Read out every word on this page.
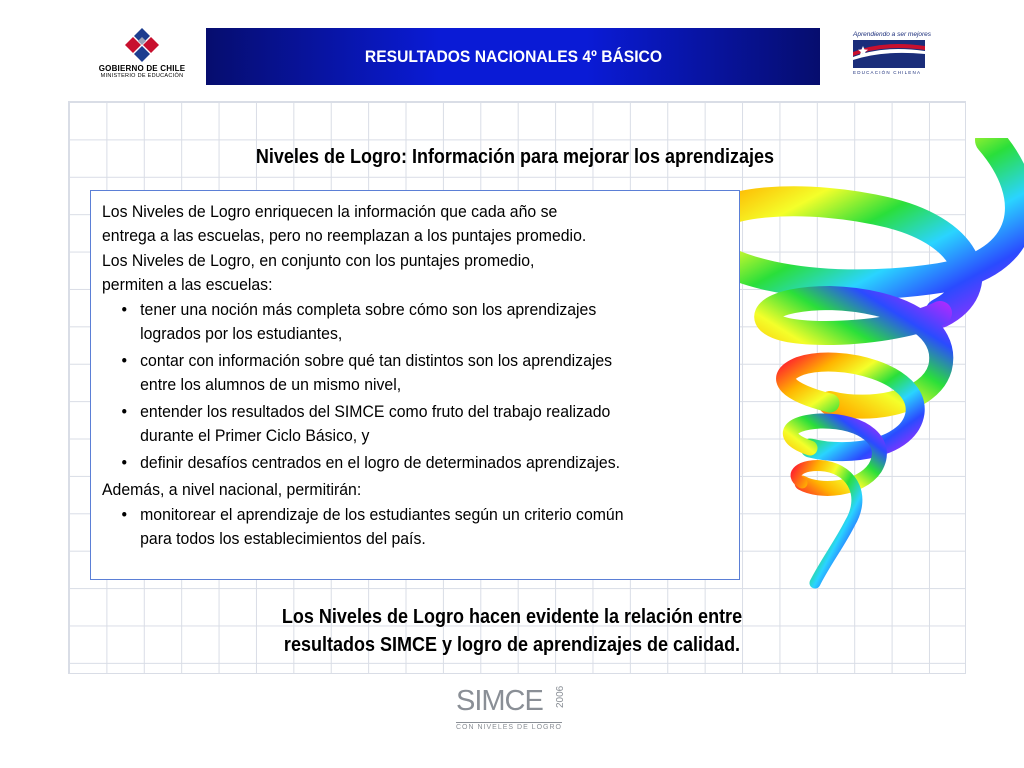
GOBIERNO DE CHILE
MINISTERIO DE EDUCACIÓN
RESULTADOS NACIONALES 4º BÁSICO
Aprendiendo a ser mejores
EDUCACIÓN CHILENA
Niveles de Logro: Información para mejorar los aprendizajes

Los Niveles de Logro enriquecen la información que cada año se
entrega a las escuelas, pero no reemplazan a los puntajes promedio.

Los Niveles de Logro, en conjunto con los puntajes promedio,
permiten a las escuelas:

• tener una noción más completa sobre cómo son los aprendizajes
logrados por los estudiantes,
• contar con información sobre qué tan distintos son los aprendizajes
entre los alumnos de un mismo nivel,
• entender los resultados del SIMCE como fruto del trabajo realizado
durante el Primer Ciclo Básico, y
• definir desafíos centrados en el logro de determinados aprendizajes.

Además, a nivel nacional, permitirán:

• monitorear el aprendizaje de los estudiantes según un criterio común
para todos los establecimientos del país.
Los Niveles de Logro hacen evidente la relación entre
resultados SIMCE y logro de aprendizajes de calidad.
SIMCE	2006
CON NIVELES DE LOGRO
